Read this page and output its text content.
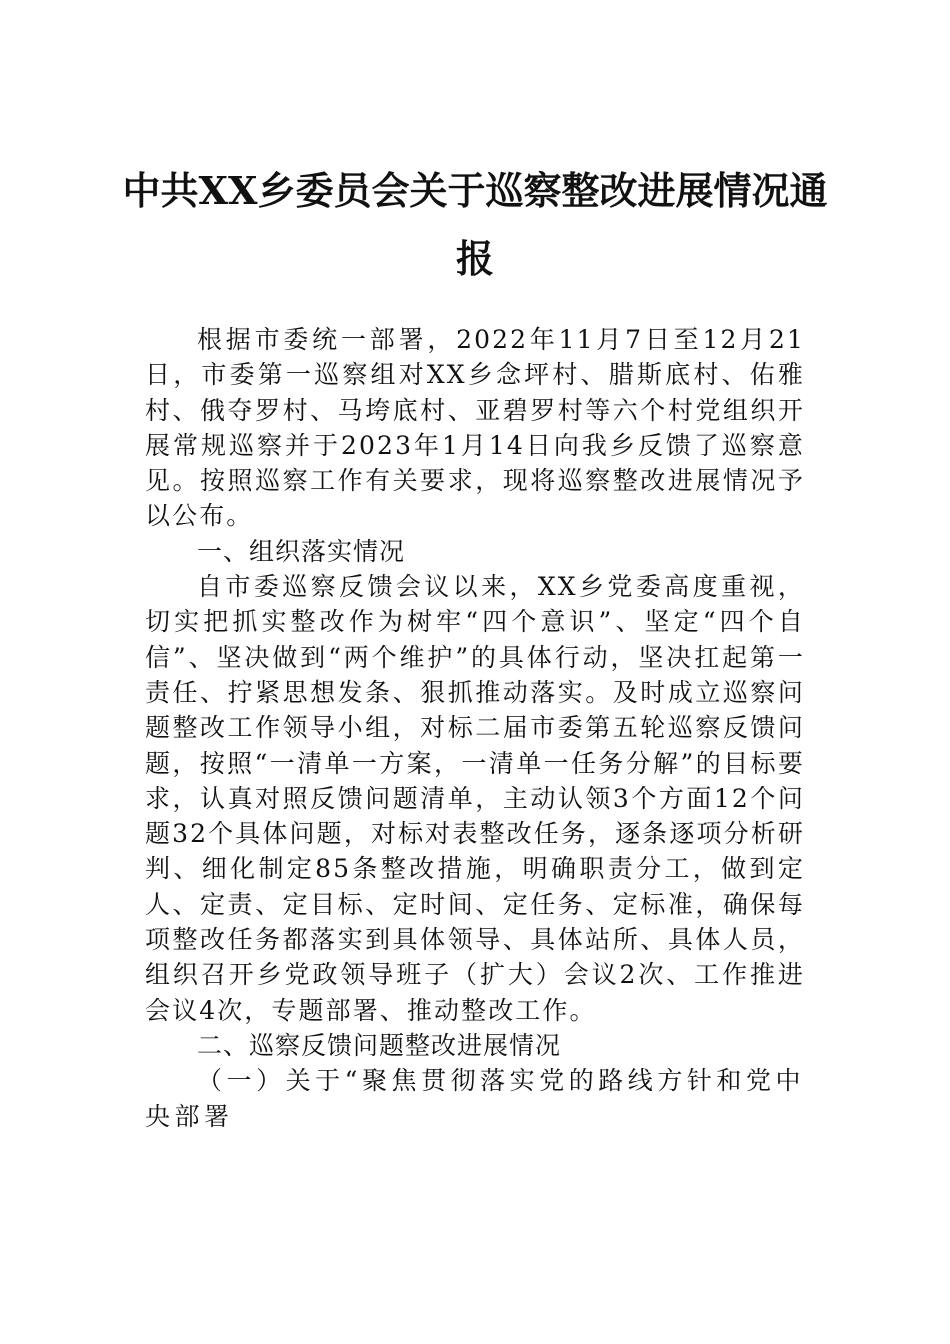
中共XX乡委员会关于巡察整改进展情况通
报

根据市委统一部署，2022年11月7日至12月21日，市委第一巡察组对XX乡念坪村、腊斯底村、佑雅村、俄夺罗村、马垮底村、亚碧罗村等六个村党组织开展常规巡察并于2023年1月14日向我乡反馈了巡察意见。按照巡察工作有关要求，现将巡察整改进展情况予以公布。

一、组织落实情况

自市委巡察反馈会议以来，XX乡党委高度重视，切实把抓实整改作为树牢“四个意识”、坚定“四个自信”、坚决做到“两个维护”的具体行动，坚决扛起第一责任、拧紧思想发条、狠抓推动落实。及时成立巡察问题整改工作领导小组，对标二届市委第五轮巡察反馈问题，按照“一清单一方案，一清单一任务分解”的目标要求，认真对照反馈问题清单，主动认领3个方面12个问题32个具体问题，对标对表整改任务，逐条逐项分析研判、细化制定85条整改措施，明确职责分工，做到定人、定责、定目标、定时间、定任务、定标准，确保每项整改任务都落实到具体领导、具体站所、具体人员，组织召开乡党政领导班子（扩大）会议2次、工作推进会议4次，专题部署、推动整改工作。

二、巡察反馈问题整改进展情况

（一）关于“聚焦贯彻落实党的路线方针和党中央部署
